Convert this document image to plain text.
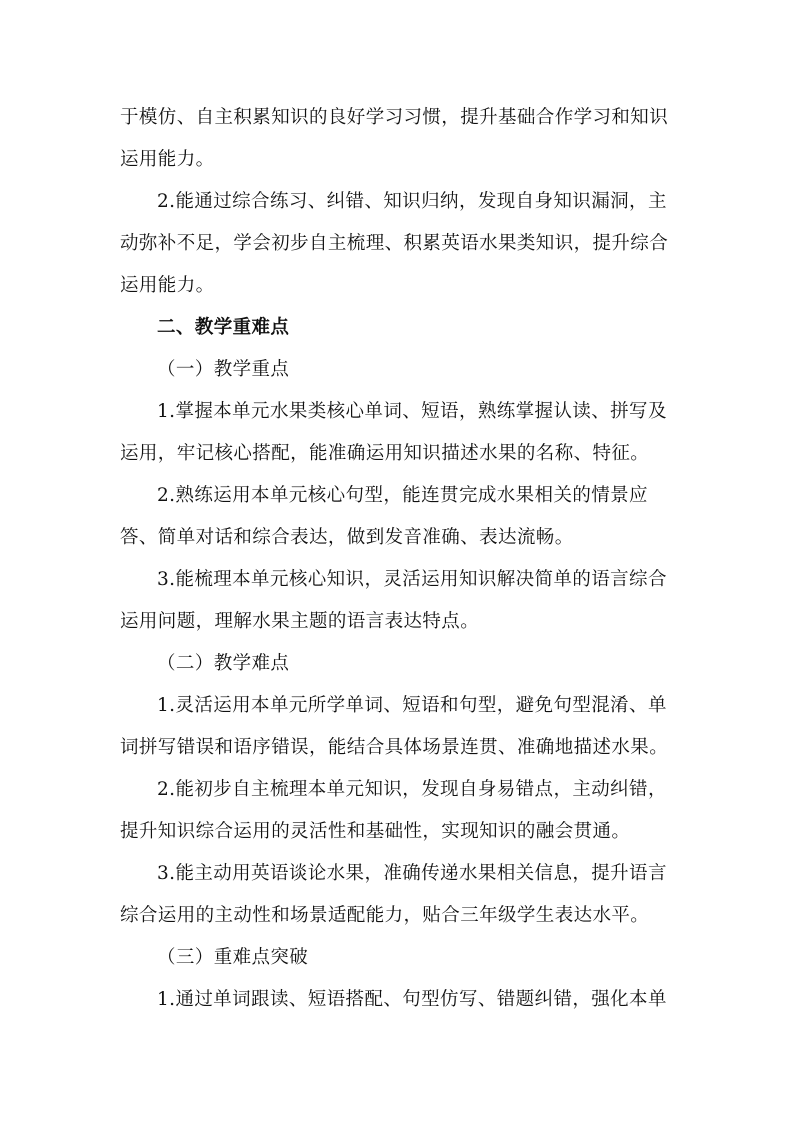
于模仿、自主积累知识的良好学习习惯，提升基础合作学习和知识
运用能力。
2.能通过综合练习、纠错、知识归纳，发现自身知识漏洞，主
动弥补不足，学会初步自主梳理、积累英语水果类知识，提升综合
运用能力。
二、教学重难点
（一）教学重点
1.掌握本单元水果类核心单词、短语，熟练掌握认读、拼写及
运用，牢记核心搭配，能准确运用知识描述水果的名称、特征。
2.熟练运用本单元核心句型，能连贯完成水果相关的情景应
答、简单对话和综合表达，做到发音准确、表达流畅。
3.能梳理本单元核心知识，灵活运用知识解决简单的语言综合
运用问题，理解水果主题的语言表达特点。
（二）教学难点
1.灵活运用本单元所学单词、短语和句型，避免句型混淆、单
词拼写错误和语序错误，能结合具体场景连贯、准确地描述水果。
2.能初步自主梳理本单元知识，发现自身易错点，主动纠错，
提升知识综合运用的灵活性和基础性，实现知识的融会贯通。
3.能主动用英语谈论水果，准确传递水果相关信息，提升语言
综合运用的主动性和场景适配能力，贴合三年级学生表达水平。
（三）重难点突破
1.通过单词跟读、短语搭配、句型仿写、错题纠错，强化本单
